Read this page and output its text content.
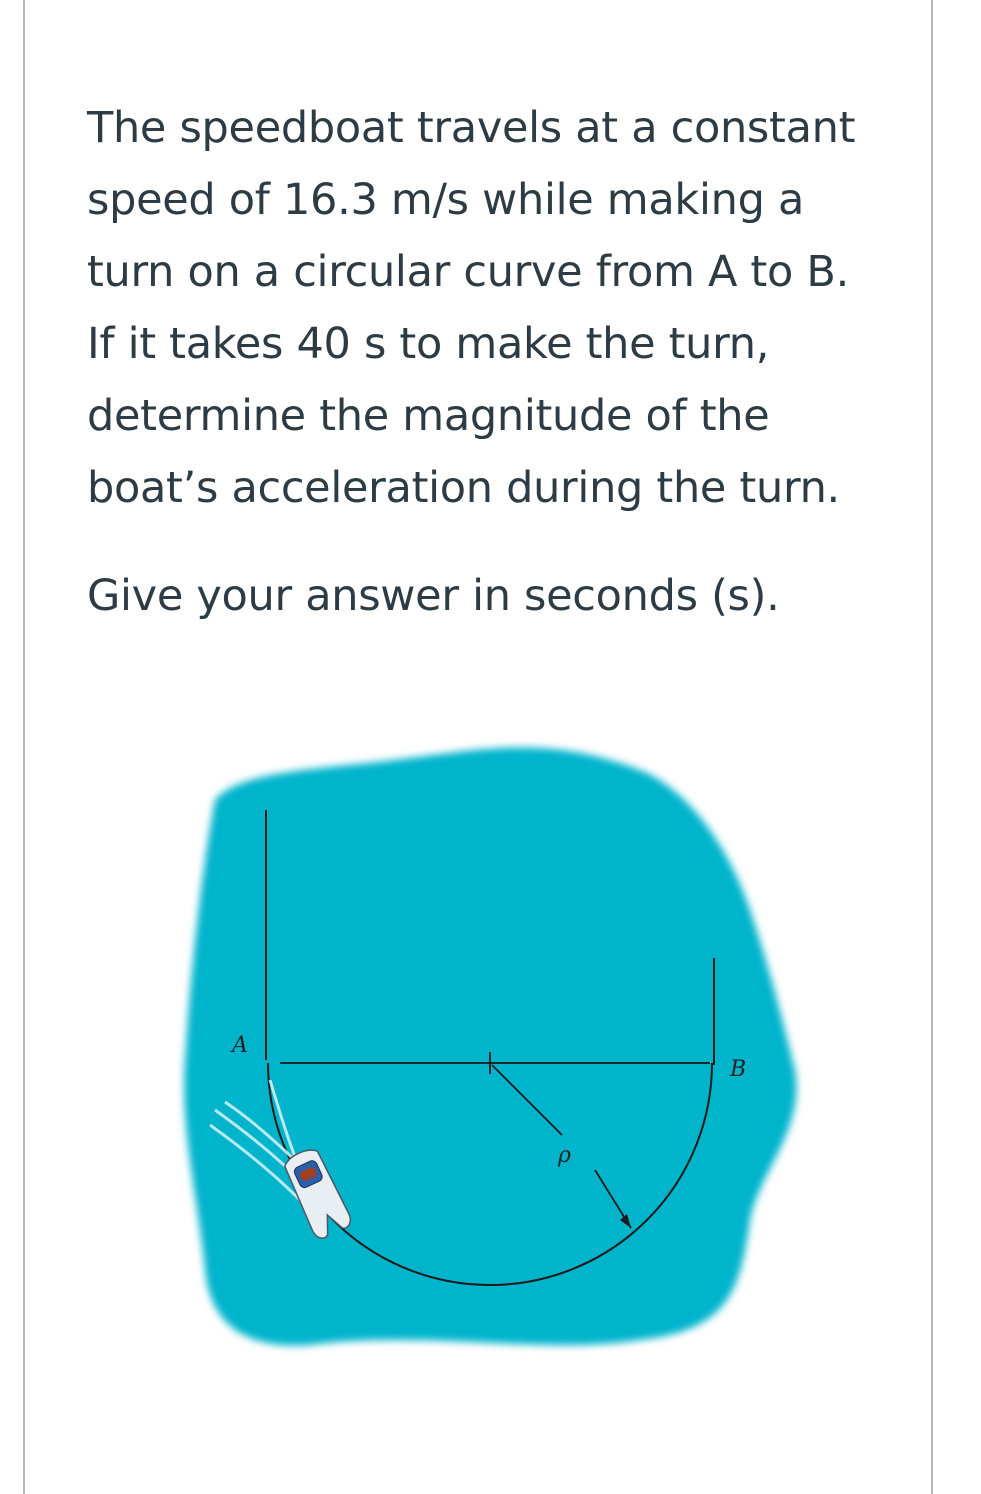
The speedboat travels at a constant

speed of 16.3 m/s while making a

turn on a circular curve from A to B.

If it takes 40 s to make the turn,

determine the magnitude of the

boat’s acceleration during the turn.

Give your answer in seconds (s).

A
B
ρ
